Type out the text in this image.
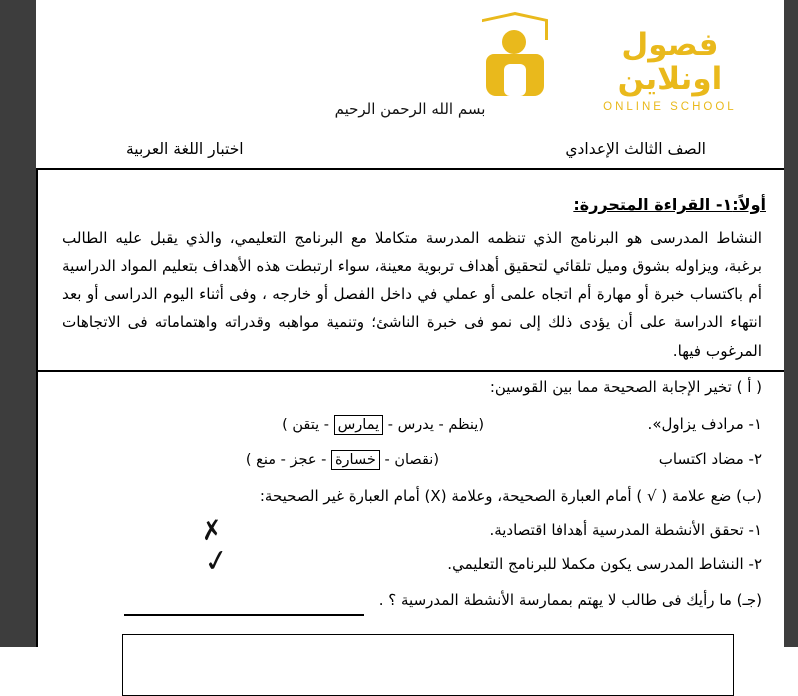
فصول اونلاين
ONLINE SCHOOL
بسم الله الرحمن الرحيم
الصف الثالث الإعدادي
اختبار اللغة العربية
أولاً:١- القراءة المتحررة:
النشاط المدرسى هو البرنامج الذي تنظمه المدرسة متكاملا مع البرنامج التعليمي، والذي يقبل عليه الطالب برغبة، ويزاوله بشوق وميل تلقائي لتحقيق أهداف تربوية معينة، سواء ارتبطت هذه الأهداف بتعليم المواد الدراسية أم باكتساب خبرة أو مهارة أم اتجاه علمى أو عملي في داخل الفصل أو خارجه ، وفى أثناء اليوم الدراسى أو بعد انتهاء الدراسة على أن يؤدى ذلك إلى نمو فى خبرة الناشئ؛ وتنمية مواهبه وقدراته واهتماماته فى الاتجاهات المرغوب فيها.
( أ ) تخير الإجابة الصحيحة مما بين القوسين:
١- مرادف يزاول».
(ينظم - يدرس - يمارس - يتقن )
٢- مضاد اكتساب
(نقصان - خسارة - عجز - منع )
(ب) ضع علامة ( √ ) أمام العبارة الصحيحة، وعلامة (X) أمام العبارة غير الصحيحة:
١- تحقق الأنشطة المدرسية أهدافا اقتصادية.
✗
٢- النشاط المدرسى يكون مكملا للبرنامج التعليمي.
✓
(جـ) ما رأيك فى طالب لا يهتم بممارسة الأنشطة المدرسية ؟ .
